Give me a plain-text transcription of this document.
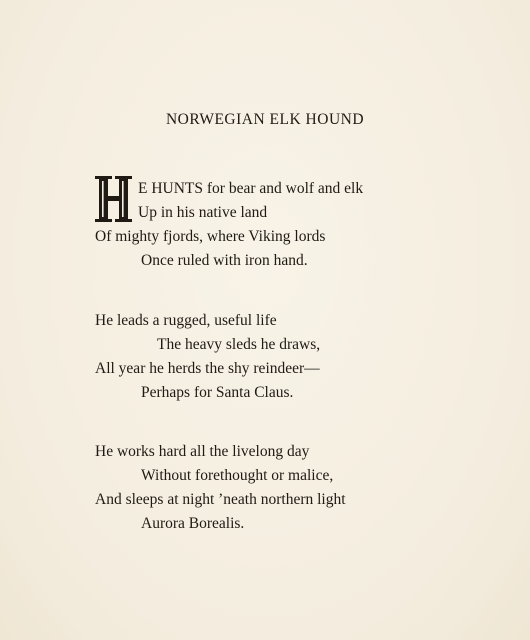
NORWEGIAN ELK HOUND
E HUNTS for bear and wolf and elk
Up in his native land
Of mighty fjords, where Viking lords
Once ruled with iron hand.
He leads a rugged, useful life
The heavy sleds he draws,
All year he herds the shy reindeer—
Perhaps for Santa Claus.
He works hard all the livelong day
Without forethought or malice,
And sleeps at night ’neath northern light
Aurora Borealis.
